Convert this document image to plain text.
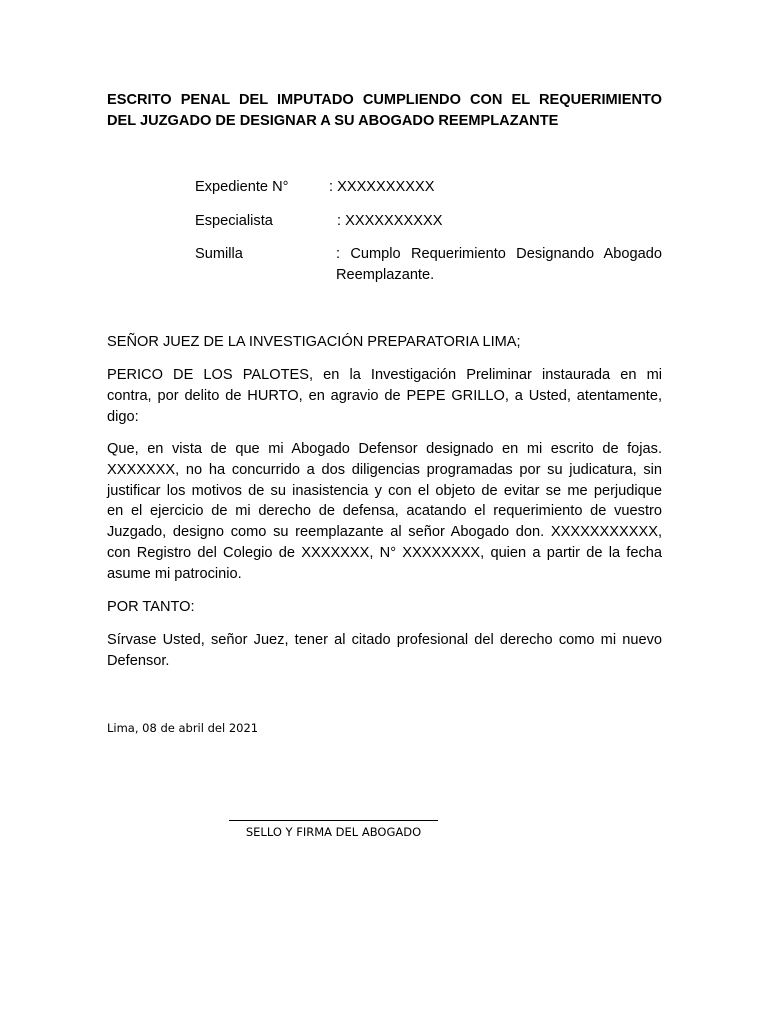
ESCRITO PENAL DEL IMPUTADO CUMPLIENDO CON EL REQUERIMIENTO
DEL JUZGADO DE DESIGNAR A SU ABOGADO REEMPLAZANTE
Expediente N°	: XXXXXXXXXX
Especialista	: XXXXXXXXXX
Sumilla	: Cumplo Requerimiento Designando Abogado
Reemplazante.
SEÑOR JUEZ DE LA INVESTIGACIÓN PREPARATORIA LIMA;
PERICO DE LOS PALOTES, en la Investigación Preliminar instaurada en mi
contra, por delito de HURTO, en agravio de PEPE GRILLO, a Usted, atentamente,
digo:
Que, en vista de que mi Abogado Defensor designado en mi escrito de fojas.
XXXXXXX, no ha concurrido a dos diligencias programadas por su judicatura, sin
justificar los motivos de su inasistencia y con el objeto de evitar se me perjudique
en el ejercicio de mi derecho de defensa, acatando el requerimiento de vuestro
Juzgado, designo como su reemplazante al señor Abogado don. XXXXXXXXXXX,
con Registro del Colegio de XXXXXXX, N° XXXXXXXX, quien a partir de la fecha
asume mi patrocinio.
POR TANTO:
Sírvase Usted, señor Juez, tener al citado profesional del derecho como mi nuevo
Defensor.
Lima, 08 de abril del 2021
SELLO Y FIRMA DEL ABOGADO
